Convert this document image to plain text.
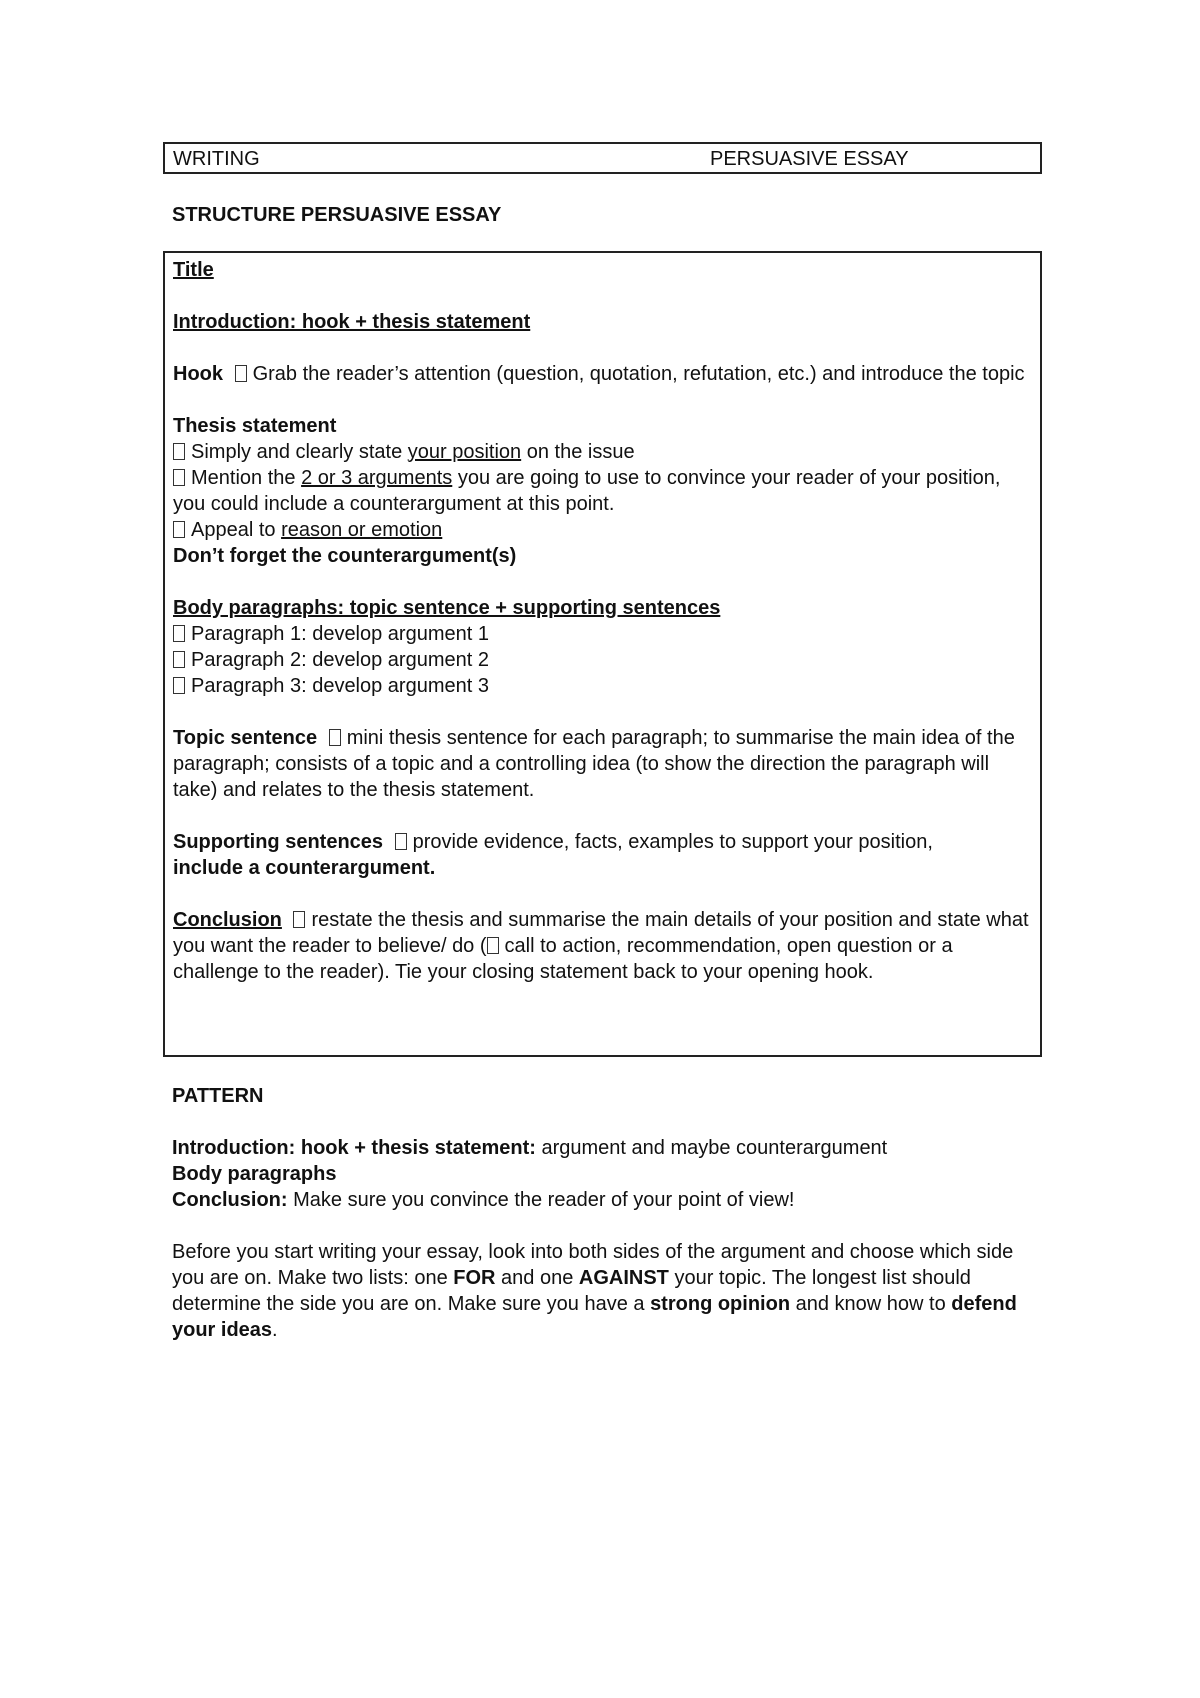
WRITING	PERSUASIVE ESSAY
STRUCTURE PERSUASIVE ESSAY

Title

Introduction: hook + thesis statement

Hook Grab the reader’s attention (question, quotation, refutation, etc.) and introduce the topic

Thesis statement

Simply and clearly state your position on the issue

Mention the 2 or 3 arguments you are going to use to convince your reader of your position, you could include a counterargument at this point.

Appeal to reason or emotion

Don’t forget the counterargument(s)

Body paragraphs: topic sentence + supporting sentences

Paragraph 1: develop argument 1

Paragraph 2: develop argument 2

Paragraph 3: develop argument 3

Topic sentence mini thesis sentence for each paragraph; to summarise the main idea of the paragraph; consists of a topic and a controlling idea (to show the direction the paragraph will take) and relates to the thesis statement.

Supporting sentences provide evidence, facts, examples to support your position,
include a counterargument.

Conclusion restate the thesis and summarise the main details of your position and state what you want the reader to believe/ do ( call to action, recommendation, open question or a challenge to the reader). Tie your closing statement back to your opening hook.

PATTERN

Introduction: hook + thesis statement: argument and maybe counterargument

Body paragraphs

Conclusion: Make sure you convince the reader of your point of view!

Before you start writing your essay, look into both sides of the argument and choose which side you are on. Make two lists: one FOR and one AGAINST your topic. The longest list should determine the side you are on. Make sure you have a strong opinion and know how to defend your ideas.
